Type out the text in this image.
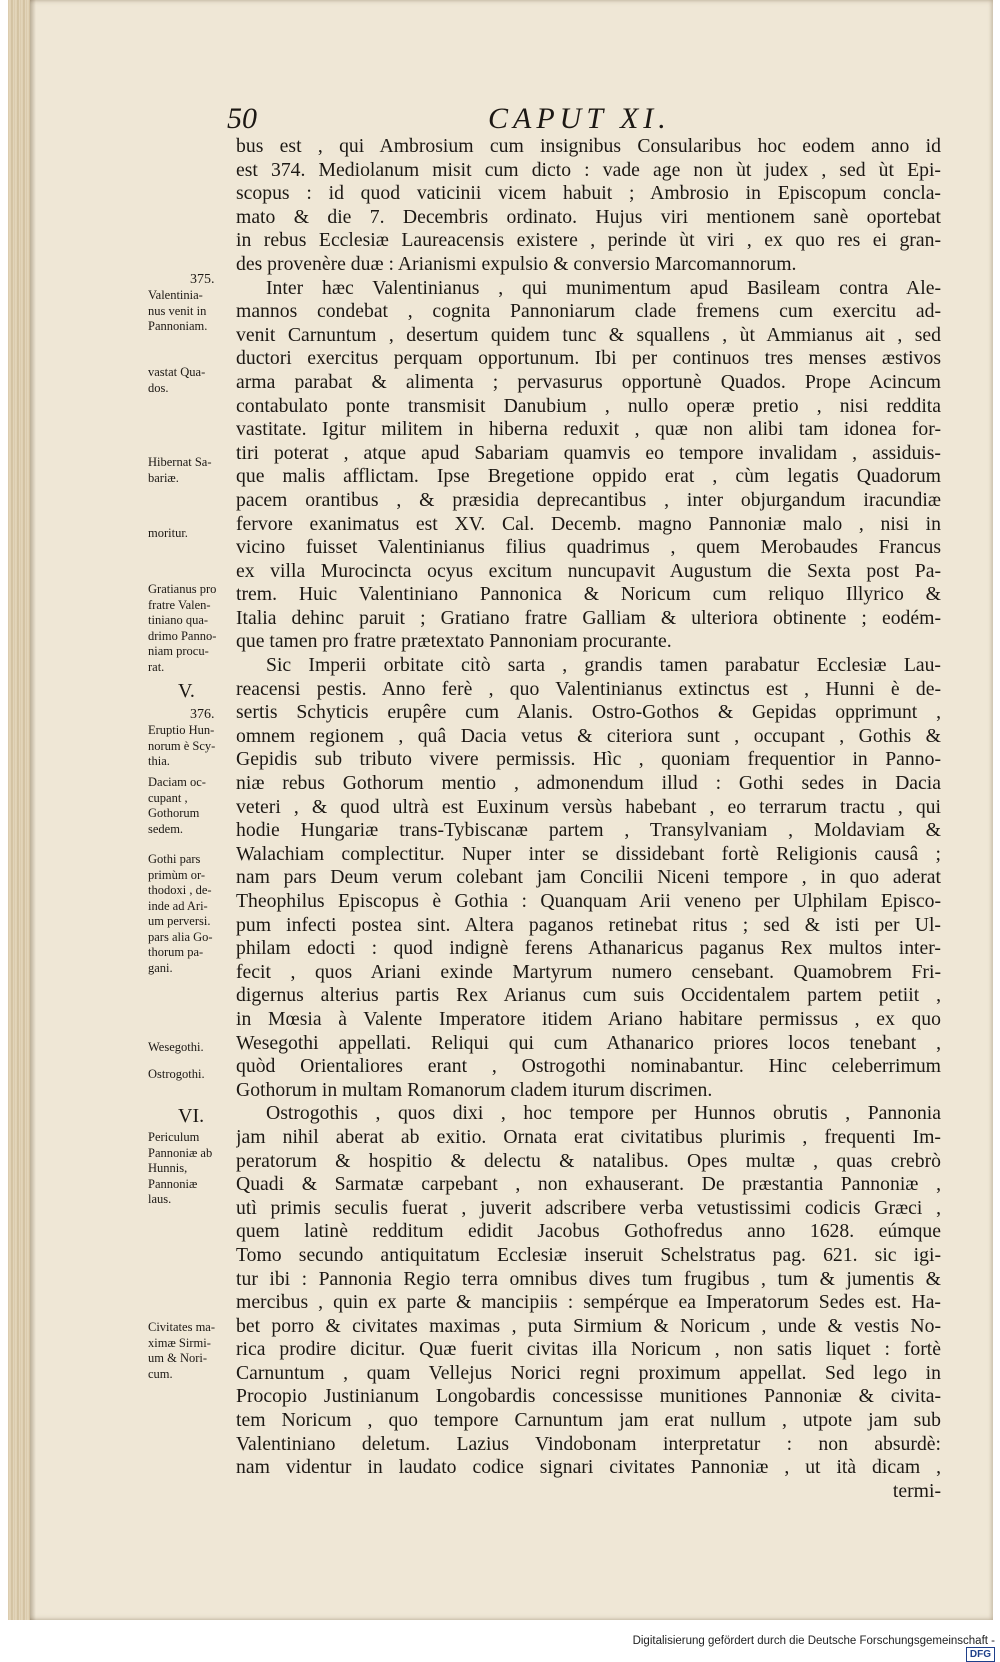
50	CAPUT XI.
bus est , qui Ambrosium cum insignibus Consularibus hoc eodem anno id
est 374. Mediolanum misit cum dicto : vade age non ùt judex , sed ùt Epi-
scopus : id quod vaticinii vicem habuit ; Ambrosio in Episcopum concla-
mato & die 7. Decembris ordinato. Hujus viri mentionem sanè oportebat
in rebus Ecclesiæ Laureacensis existere , perinde ùt viri , ex quo res ei gran-
des provenère duæ : Arianismi expulsio & conversio Marcomannorum.
Inter hæc Valentinianus , qui munimentum apud Basileam contra Ale-
mannos condebat , cognita Pannoniarum clade fremens cum exercitu ad-
venit Carnuntum , desertum quidem tunc & squallens , ùt Ammianus ait , sed
ductori exercitus perquam opportunum. Ibi per continuos tres menses æstivos
arma parabat & alimenta ; pervasurus opportunè Quados. Prope Acincum
contabulato ponte transmisit Danubium , nullo operæ pretio , nisi reddita
vastitate. Igitur militem in hiberna reduxit , quæ non alibi tam idonea for-
tiri poterat , atque apud Sabariam quamvis eo tempore invalidam , assiduis-
que malis afflictam. Ipse Bregetione oppido erat , cùm legatis Quadorum
pacem orantibus , & præsidia deprecantibus , inter objurgandum iracundiæ
fervore exanimatus est XV. Cal. Decemb. magno Pannoniæ malo , nisi in
vicino fuisset Valentinianus filius quadrimus , quem Merobaudes Francus
ex villa Murocincta ocyus excitum nuncupavit Augustum die Sexta post Pa-
trem. Huic Valentiniano Pannonica & Noricum cum reliquo Illyrico &
Italia dehinc paruit ; Gratiano fratre Galliam & ulteriora obtinente ; eodém-
que tamen pro fratre prætextato Pannoniam procurante.
Sic Imperii orbitate citò sarta , grandis tamen parabatur Ecclesiæ Lau-
reacensi pestis. Anno ferè , quo Valentinianus extinctus est , Hunni è de-
sertis Schyticis erupêre cum Alanis. Ostro-Gothos & Gepidas opprimunt ,
omnem regionem , quâ Dacia vetus & citeriora sunt , occupant , Gothis &
Gepidis sub tributo vivere permissis. Hìc , quoniam frequentior in Panno-
niæ rebus Gothorum mentio , admonendum illud : Gothi sedes in Dacia
veteri , & quod ultrà est Euxinum versùs habebant , eo terrarum tractu , qui
hodie Hungariæ trans-Tybiscanæ partem , Transylvaniam , Moldaviam &
Walachiam complectitur. Nuper inter se dissidebant fortè Religionis causâ ;
nam pars Deum verum colebant jam Concilii Niceni tempore , in quo aderat
Theophilus Episcopus è Gothia : Quanquam Arii veneno per Ulphilam Episco-
pum infecti postea sint. Altera paganos retinebat ritus ; sed & isti per Ul-
philam edocti : quod indignè ferens Athanaricus paganus Rex multos inter-
fecit , quos Ariani exinde Martyrum numero censebant. Quamobrem Fri-
digernus alterius partis Rex Arianus cum suis Occidentalem partem petiit ,
in Mœsia à Valente Imperatore itidem Ariano habitare permissus , ex quo
Wesegothi appellati. Reliqui qui cum Athanarico priores locos tenebant ,
quòd Orientaliores erant , Ostrogothi nominabantur. Hinc celeberrimum
Gothorum in multam Romanorum cladem iturum discrimen.
Ostrogothis , quos dixi , hoc tempore per Hunnos obrutis , Pannonia
jam nihil aberat ab exitio. Ornata erat civitatibus plurimis , frequenti Im-
peratorum & hospitio & delectu & natalibus. Opes multæ , quas crebrò
Quadi & Sarmatæ carpebant , non exhauserant. De præstantia Pannoniæ ,
utì primis seculis fuerat , juverit adscribere verba vetustissimi codicis Græci ,
quem latinè redditum edidit Jacobus Gothofredus anno 1628. eúmque
Tomo secundo antiquitatum Ecclesiæ inseruit Schelstratus pag. 621. sic igi-
tur ibi : Pannonia Regio terra omnibus dives tum frugibus , tum & jumentis &
mercibus , quin ex parte & mancipiis : sempérque ea Imperatorum Sedes est. Ha-
bet porro & civitates maximas , puta Sirmium & Noricum , unde & vestis No-
rica prodire dicitur. Quæ fuerit civitas illa Noricum , non satis liquet : fortè
Carnuntum , quam Vellejus Norici regni proximum appellat. Sed lego in
Procopio Justinianum Longobardis concessisse munitiones Pannoniæ & civita-
tem Noricum , quo tempore Carnuntum jam erat nullum , utpote jam sub
Valentiniano deletum. Lazius Vindobonam interpretatur : non absurdè:
nam videntur in laudato codice signari civitates Pannoniæ , ut ità dicam ,
termi-
375.
Valentinia-
nus venit in
Pannoniam.
vastat Qua-
dos.
Hibernat Sa-
bariæ.
moritur.
Gratianus pro
fratre Valen-
tiniano qua-
drimo Panno-
niam procu-
rat.
V.
376.
Eruptio Hun-
norum è Scy-
thia.
Daciam oc-
cupant ,
Gothorum
sedem.
Gothi pars
primùm or-
thodoxi , de-
inde ad Ari-
um perversi.
pars alia Go-
thorum pa-
gani.
Wesegothi.
Ostrogothi.
VI.
Periculum
Pannoniæ ab
Hunnis,
Pannoniæ
laus.
Civitates ma-
ximæ Sirmi-
um & Nori-
cum.
Digitalisierung gefördert durch die Deutsche Forschungsgemeinschaft -DFG
